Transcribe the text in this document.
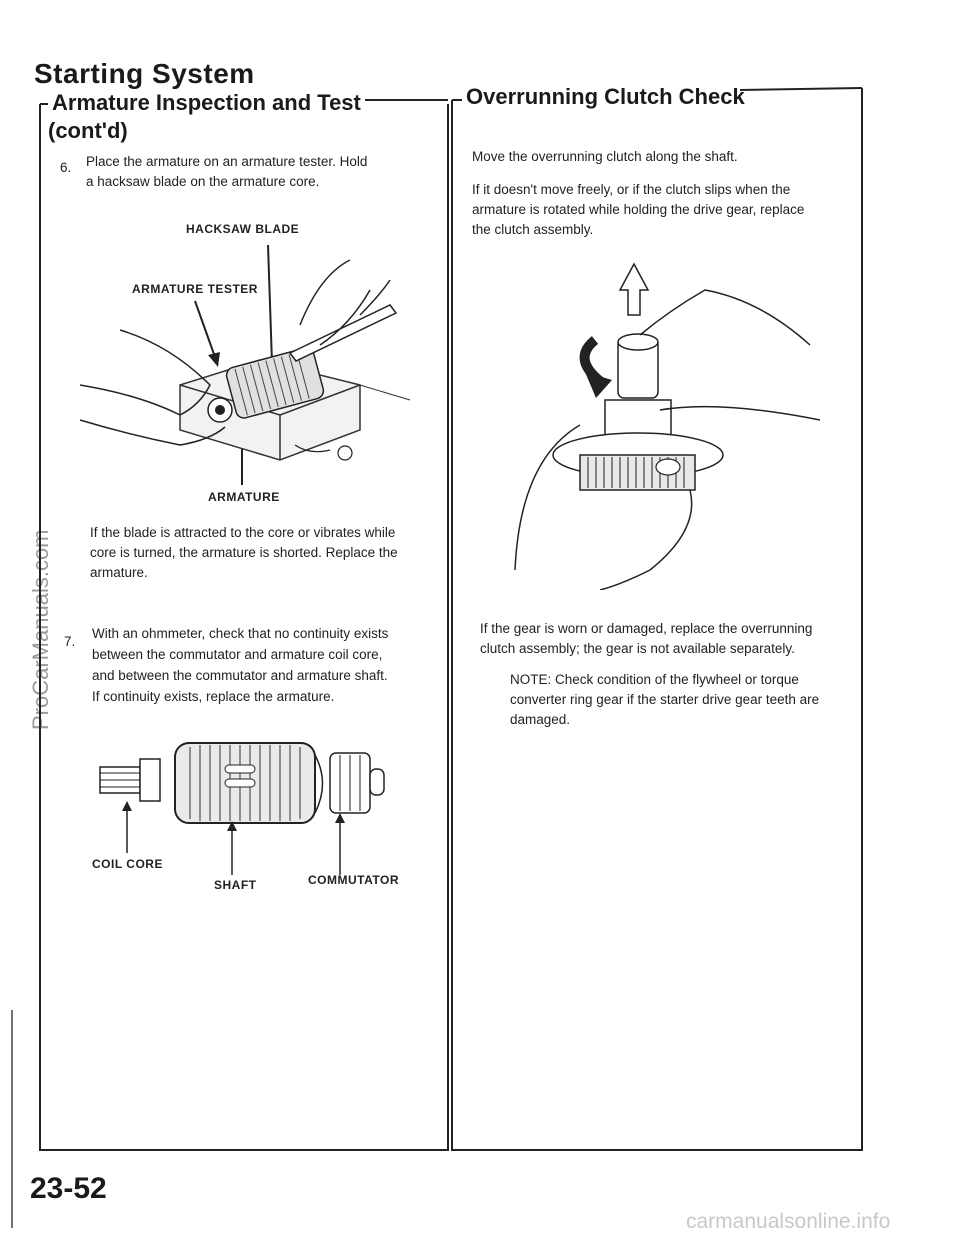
ProCarManuals.com
Starting System
Armature Inspection and Test
(cont'd)
6. Place the armature on an armature tester. Hold
a hacksaw blade on the armature core.
HACKSAW BLADE
ARMATURE TESTER
ARMATURE
If the blade is attracted to the core or vibrates while
core is turned, the armature is shorted. Replace the
armature.
7.
With an ohmmeter, check that no continuity exists
between the commutator and armature coil core,
and between the commutator and armature shaft.
If continuity exists, replace the armature.
COIL CORE
SHAFT	COMMUTATOR
Overrunning Clutch Check
Move the overrunning clutch along the shaft.
If it doesn't move freely, or if the clutch slips when the
armature is rotated while holding the drive gear, replace
the clutch assembly.
If the gear is worn or damaged, replace the overrunning
clutch assembly; the gear is not available separately.
NOTE: Check condition of the flywheel or torque
converter ring gear if the starter drive gear teeth are
damaged.
23-52
carmanualsonline.info
